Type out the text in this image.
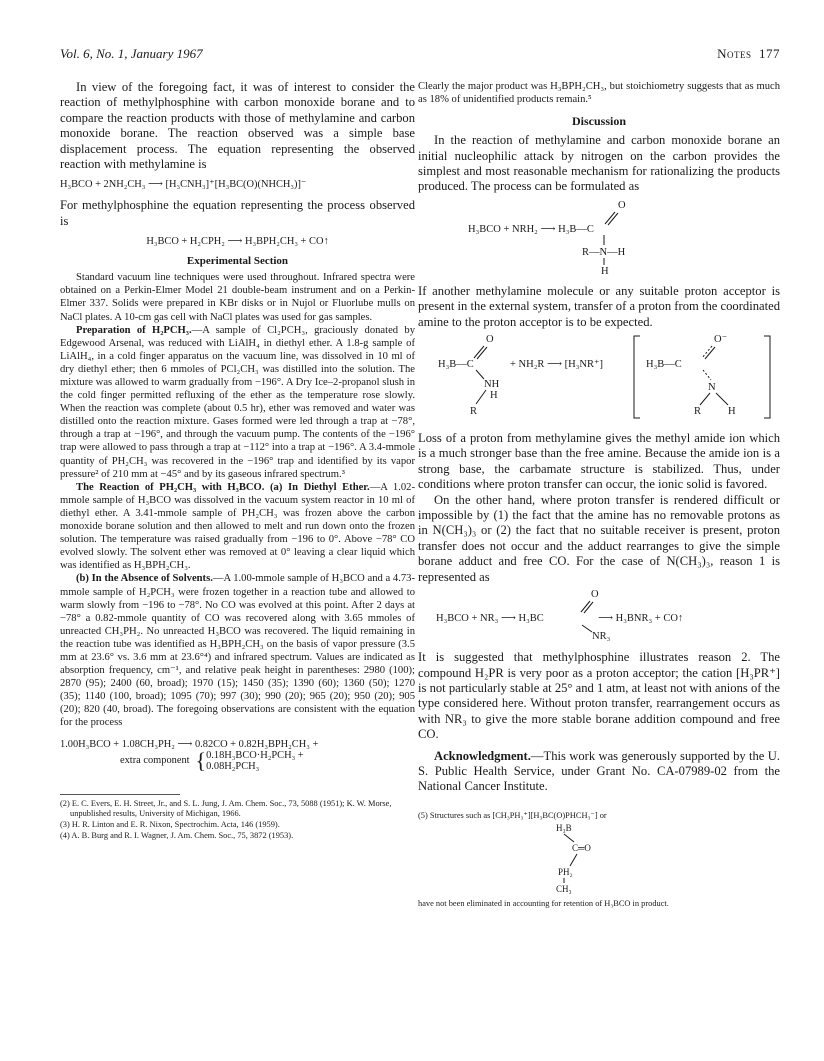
Vol. 6, No. 1, January 1967	Notes 177

In view of the foregoing fact, it was of interest to consider the reaction of methylphosphine with carbon monoxide borane and to compare the reaction products with those of methylamine and carbon monoxide borane. The reaction observed was a simple base displacement process. The equation representing the observed reaction with methylamine is

H₃BCO + 2NH₂CH₃ ⟶ [H₃CNH₃]⁺[H₃BC(O)(NHCH₃)]⁻

For methylphosphine the equation representing the process observed is

H₃BCO + H₂CPH₂ ⟶ H₃BPH₂CH₃ + CO↑
Experimental Section

Standard vacuum line techniques were used throughout. Infrared spectra were obtained on a Perkin-Elmer Model 21 double-beam instrument and on a Perkin-Elmer 337. Solids were prepared in KBr disks or in Nujol or Fluorlube mulls on NaCl plates. A 10-cm gas cell with NaCl plates was used for gas samples.

Preparation of H₂PCH₃.—A sample of Cl₂PCH₃, graciously donated by Edgewood Arsenal, was reduced with LiAlH₄ in diethyl ether. A 1.8-g sample of LiAlH₄, in a cold finger apparatus on the vacuum line, was dissolved in 10 ml of dry diethyl ether; then 6 mmoles of PCl₂CH₃ was distilled into the solution. The mixture was allowed to warm gradually from −196°. A Dry Ice–2-propanol slush in the cold finger permitted refluxing of the ether as the temperature rose slowly. When the reaction was complete (about 0.5 hr), ether was removed and water was distilled onto the reaction mixture. Gases formed were led through a trap at −78°, through a trap at −196°, and through the vacuum pump. The contents of the −196° trap were allowed to pass through a trap at −112° into a trap at −196°. A 3.4-mmole quantity of PH₂CH₃ was recovered in the −196° trap and identified by its vapor pressure² of 210 mm at −45° and by its gaseous infrared spectrum.³

The Reaction of PH₂CH₃ with H₃BCO. (a) In Diethyl Ether.—A 1.02-mmole sample of H₃BCO was dissolved in the vacuum system reactor in 10 ml of diethyl ether. A 3.41-mmole sample of PH₂CH₃ was frozen above the carbon monoxide borane solution and then allowed to melt and run down onto the frozen solution. The temperature was raised gradually from −196 to 0°. Above −78° CO evolved slowly. The solvent ether was removed at 0° leaving a clear liquid which was identified as H₃BPH₂CH₃.

(b) In the Absence of Solvents.—A 1.00-mmole sample of H₃BCO and a 4.73-mmole sample of H₂PCH₃ were frozen together in a reaction tube and allowed to warm slowly from −196 to −78°. No CO was evolved at this point. After 2 days at −78° a 0.82-mmole quantity of CO was recovered along with 3.65 mmoles of unreacted CH₃PH₂. No unreacted H₃BCO was recovered. The liquid remaining in the reaction tube was identified as H₃BPH₂CH₃ on the basis of vapor pressure (3.5 mm at 23.6° vs. 3.6 mm at 23.6°⁴) and infrared spectrum. Values are indicated as absorption frequency, cm⁻¹, and relative peak height in parentheses: 2980 (100); 2870 (95); 2400 (60, broad); 1970 (15); 1450 (35); 1390 (60); 1360 (50); 1270 (35); 1140 (100, broad); 1095 (70); 997 (30); 990 (20); 965 (20); 950 (20); 905 (20); 820 (40, broad). The foregoing observations are consistent with the equation for the process

1.00H₃BCO + 1.08CH₃PH₂ ⟶ 0.82CO + 0.82H₃BPH₂CH₃ +
extra component { 0.18H₃BCO·H₂PCH₃ +
0.08H₂PCH₃

(2) E. C. Evers, E. H. Street, Jr., and S. L. Jung, J. Am. Chem. Soc., 73, 5088 (1951); K. W. Morse, unpublished results, University of Michigan, 1966.

(3) H. R. Linton and E. R. Nixon, Spectrochim. Acta, 146 (1959).

(4) A. B. Burg and R. I. Wagner, J. Am. Chem. Soc., 75, 3872 (1953).

Clearly the major product was H₃BPH₂CH₃, but stoichiometry suggests that as much as 18% of unidentified products remain.⁵

Discussion

In the reaction of methylamine and carbon monoxide borane an initial nucleophilic attack by nitrogen on the carbon provides the simplest and most reasonable mechanism for rationalizing the products produced. The process can be formulated as

O
H₃BCO + NRH₂ ⟶ H₃B—C
R—N—H
H

If another methylamine molecule or any suitable proton acceptor is present in the external system, transfer of a proton from the coordinated amine to the proton acceptor is to be expected.

O
H₃B—C
NH
H
R
+ NH₂R ⟶ [H₃NR⁺]
O⁻
H₃B—C
N
R	H

Loss of a proton from methylamine gives the methyl amide ion which is a much stronger base than the free amine. Because the amide ion is a strong base, the carbamate structure is stabilized. Thus, under conditions where proton transfer can occur, the ionic solid is favored.

On the other hand, where proton transfer is rendered difficult or impossible by (1) the fact that the amine has no removable protons as in N(CH₃)₃ or (2) the fact that no suitable receiver is present, proton transfer does not occur and the adduct rearranges to give the simple borane adduct and free CO. For the case of N(CH₃)₃, reason 1 is represented as

O
H₃BCO + NR₃ ⟶ H₃BC
NR₃
⟶ H₃BNR₃ + CO↑

It is suggested that methylphosphine illustrates reason 2. The compound H₂PR is very poor as a proton acceptor; the cation [H₃PR⁺] is not particularly stable at 25° and 1 atm, at least not with anions of the type considered here. Without proton transfer, rearrangement occurs as with NR₃ to give the more stable borane addition compound and free CO.

Acknowledgment.—This work was generously supported by the U. S. Public Health Service, under Grant No. CA-07989-02 from the National Cancer Institute.

(5) Structures such as [CH₃PH₃⁺][H₃BC(O)PHCH₃⁻] or

H₃B
C═O
PH₂
CH₃

have not been eliminated in accounting for retention of H₃BCO in product.
